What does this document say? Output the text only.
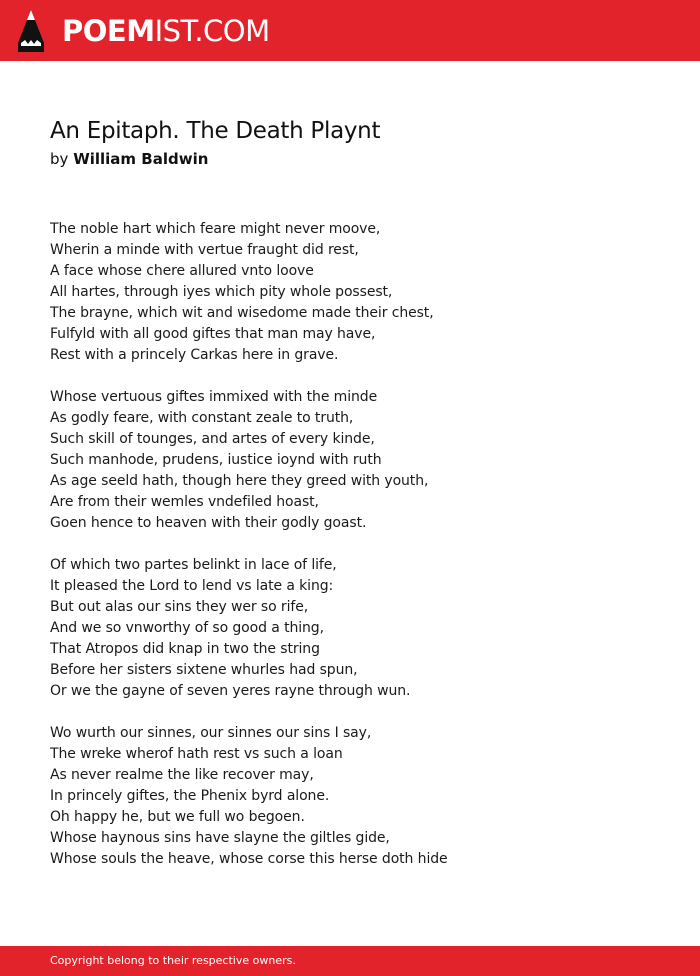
POEMIST.COM
An Epitaph. The Death Playnt
by William Baldwin
The noble hart which feare might never moove,
Wherin a minde with vertue fraught did rest,
A face whose chere allured vnto loove
All hartes, through iyes which pity whole possest,
The brayne, which wit and wisedome made their chest,
Fulfyld with all good giftes that man may have,
Rest with a princely Carkas here in grave.
Whose vertuous giftes immixed with the minde
As godly feare, with constant zeale to truth,
Such skill of tounges, and artes of every kinde,
Such manhode, prudens, iustice ioynd with ruth
As age seeld hath, though here they greed with youth,
Are from their wemles vndefiled hoast,
Goen hence to heaven with their godly goast.
Of which two partes belinkt in lace of life,
It pleased the Lord to lend vs late a king:
But out alas our sins they wer so rife,
And we so vnworthy of so good a thing,
That Atropos did knap in two the string
Before her sisters sixtene whurles had spun,
Or we the gayne of seven yeres rayne through wun.
Wo wurth our sinnes, our sinnes our sins I say,
The wreke wherof hath rest vs such a loan
As never realme the like recover may,
In princely giftes, the Phenix byrd alone.
Oh happy he, but we full wo begoen.
Whose haynous sins have slayne the giltles gide,
Whose souls the heave, whose corse this herse doth hide
Copyright belong to their respective owners.
